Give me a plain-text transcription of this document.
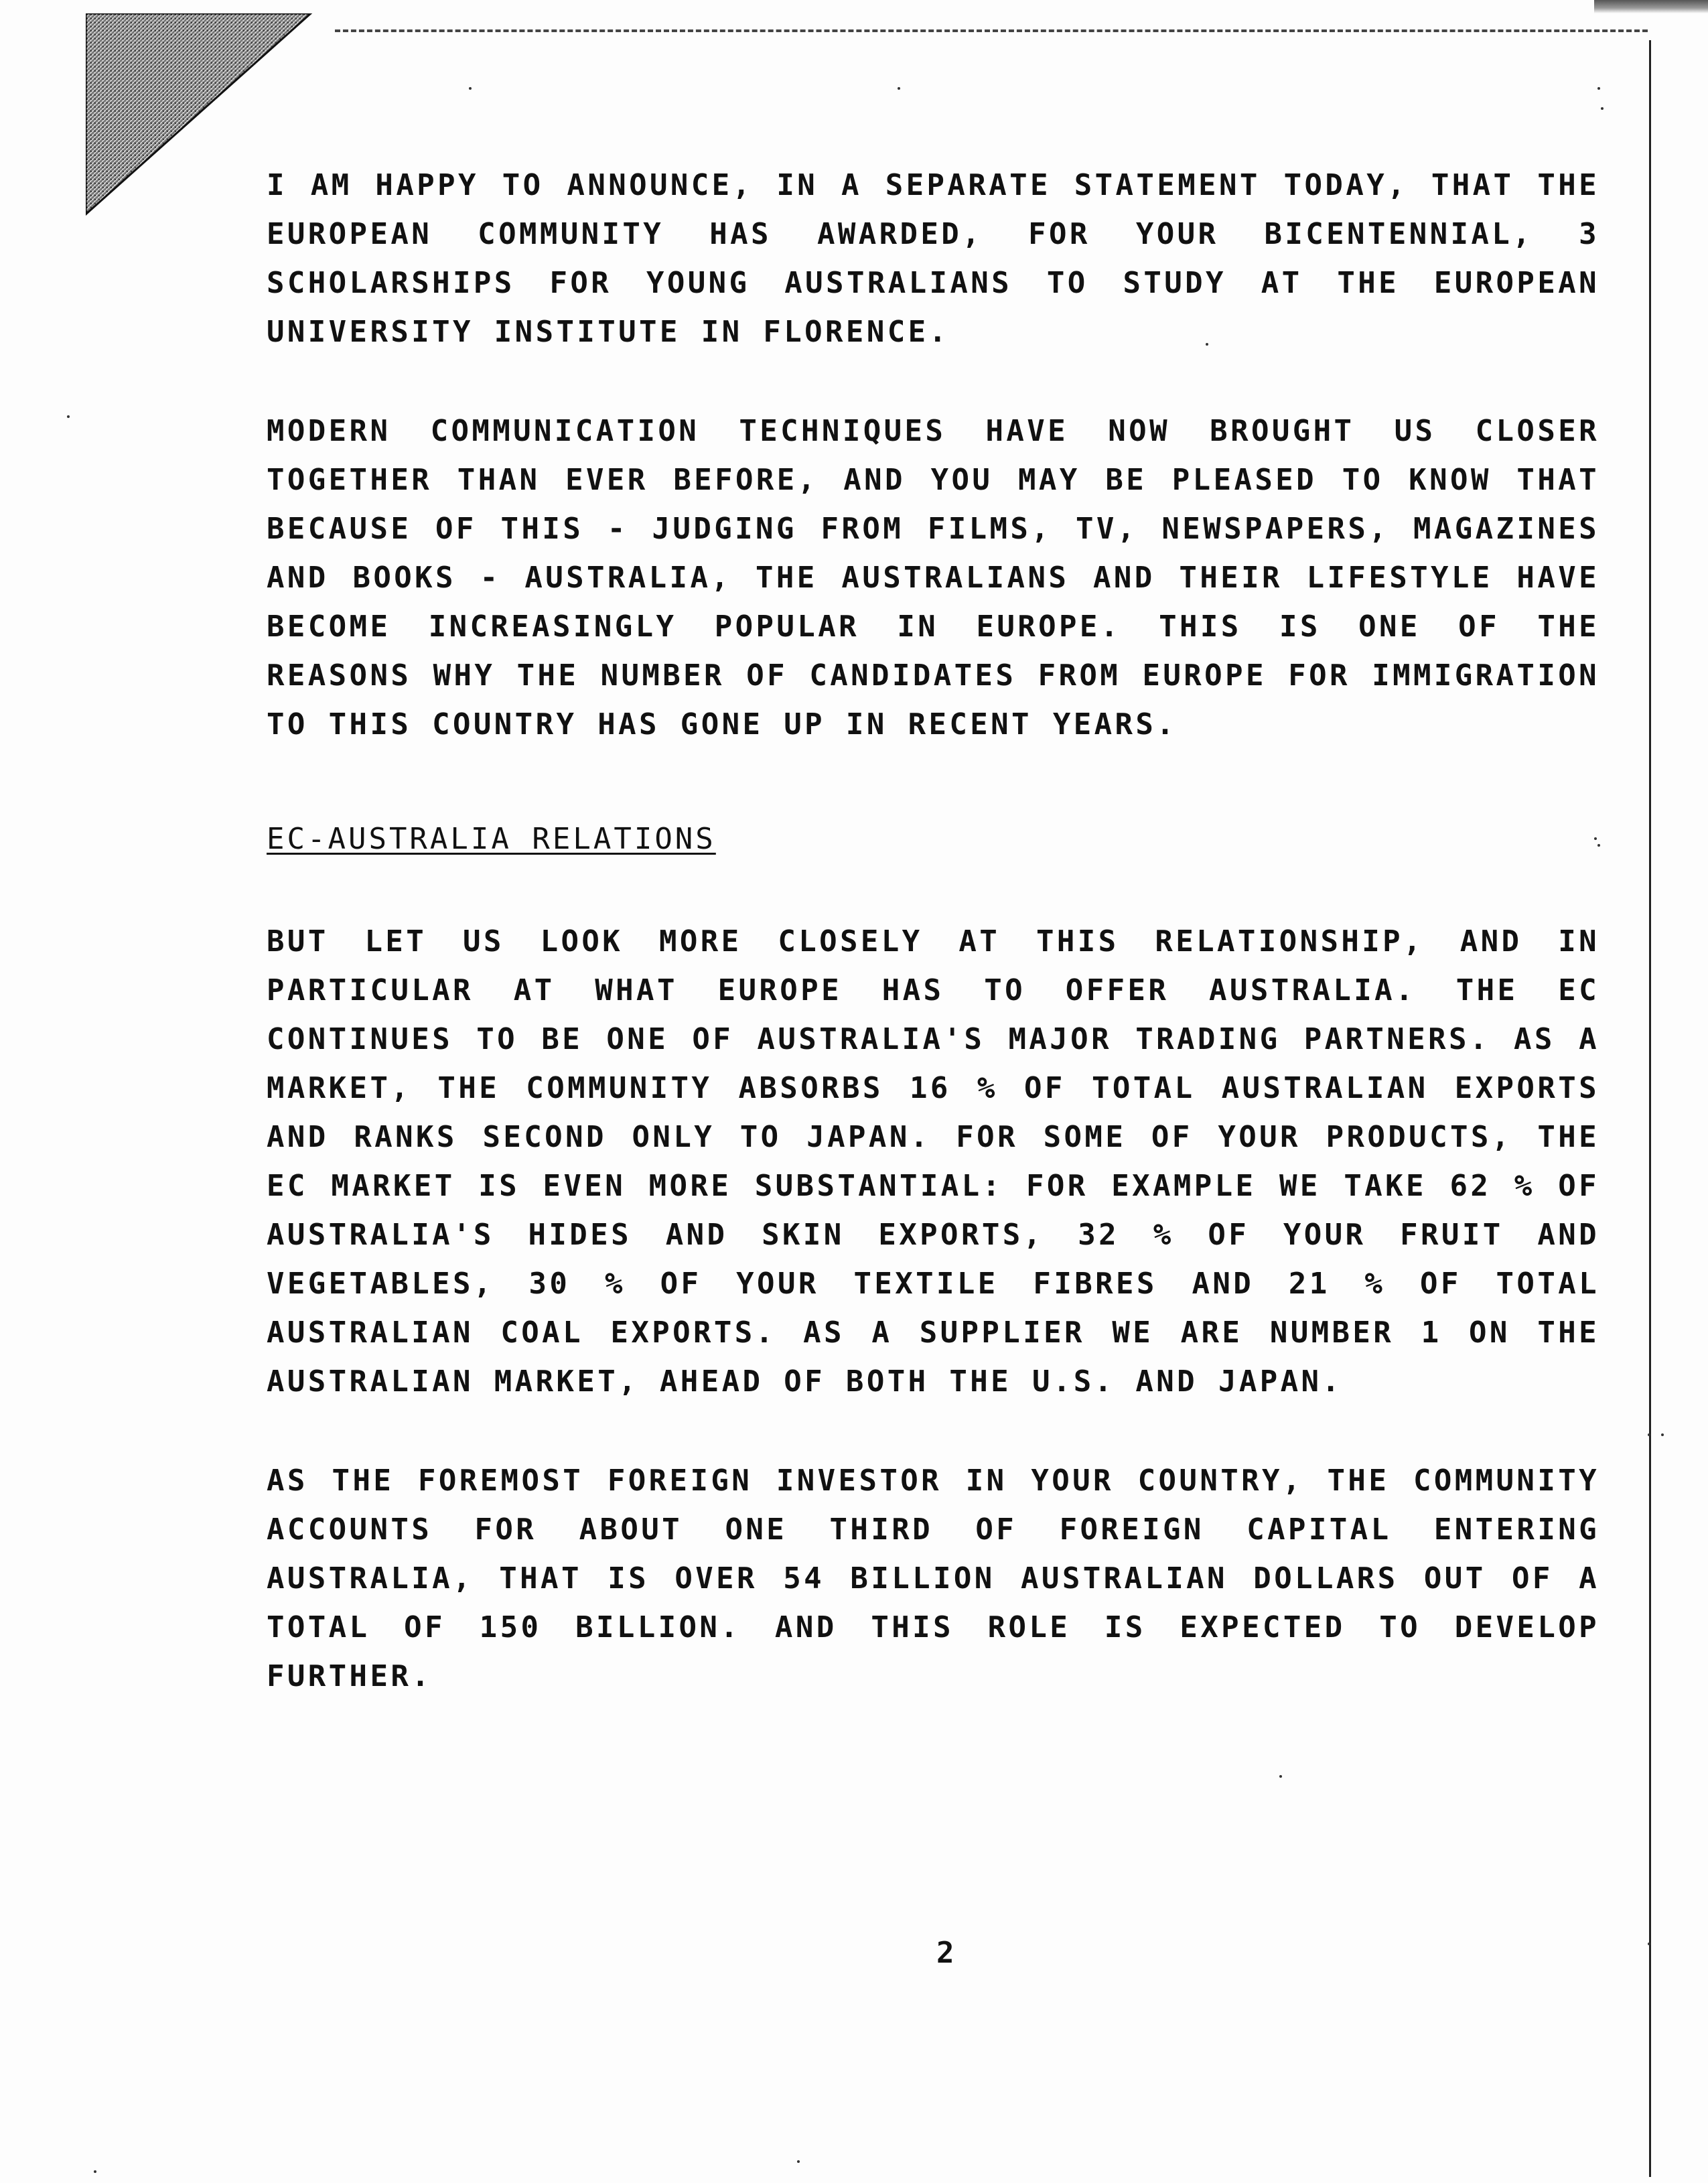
I AM HAPPY TO ANNOUNCE, IN A SEPARATE STATEMENT TODAY, THAT THE EUROPEAN COMMUNITY HAS AWARDED, FOR YOUR BICENTENNIAL, 3 SCHOLARSHIPS FOR YOUNG AUSTRALIANS TO STUDY AT THE EUROPEAN UNIVERSITY INSTITUTE IN FLORENCE.

MODERN COMMUNICATION TECHNIQUES HAVE NOW BROUGHT US CLOSER TOGETHER THAN EVER BEFORE, AND YOU MAY BE PLEASED TO KNOW THAT BECAUSE OF THIS - JUDGING FROM FILMS, TV, NEWSPAPERS, MAGAZINES AND BOOKS - AUSTRALIA, THE AUSTRALIANS AND THEIR LIFESTYLE HAVE BECOME INCREASINGLY POPULAR IN EUROPE. THIS IS ONE OF THE REASONS WHY THE NUMBER OF CANDIDATES FROM EUROPE FOR IMMIGRATION TO THIS COUNTRY HAS GONE UP IN RECENT YEARS.

EC-AUSTRALIA RELATIONS

BUT LET US LOOK MORE CLOSELY AT THIS RELATIONSHIP, AND IN PARTICULAR AT WHAT EUROPE HAS TO OFFER AUSTRALIA. THE EC CONTINUES TO BE ONE OF AUSTRALIA'S MAJOR TRADING PARTNERS. AS A MARKET, THE COMMUNITY ABSORBS 16 % OF TOTAL AUSTRALIAN EXPORTS AND RANKS SECOND ONLY TO JAPAN. FOR SOME OF YOUR PRODUCTS, THE EC MARKET IS EVEN MORE SUBSTANTIAL: FOR EXAMPLE WE TAKE 62 % OF AUSTRALIA'S HIDES AND SKIN EXPORTS, 32 % OF YOUR FRUIT AND VEGETABLES, 30 % OF YOUR TEXTILE FIBRES AND 21 % OF TOTAL AUSTRALIAN COAL EXPORTS. AS A SUPPLIER WE ARE NUMBER 1 ON THE AUSTRALIAN MARKET, AHEAD OF BOTH THE U.S. AND JAPAN.

AS THE FOREMOST FOREIGN INVESTOR IN YOUR COUNTRY, THE COMMUNITY ACCOUNTS FOR ABOUT ONE THIRD OF FOREIGN CAPITAL ENTERING AUSTRALIA, THAT IS OVER 54 BILLION AUSTRALIAN DOLLARS OUT OF A TOTAL OF 150 BILLION. AND THIS ROLE IS EXPECTED TO DEVELOP FURTHER.

2
